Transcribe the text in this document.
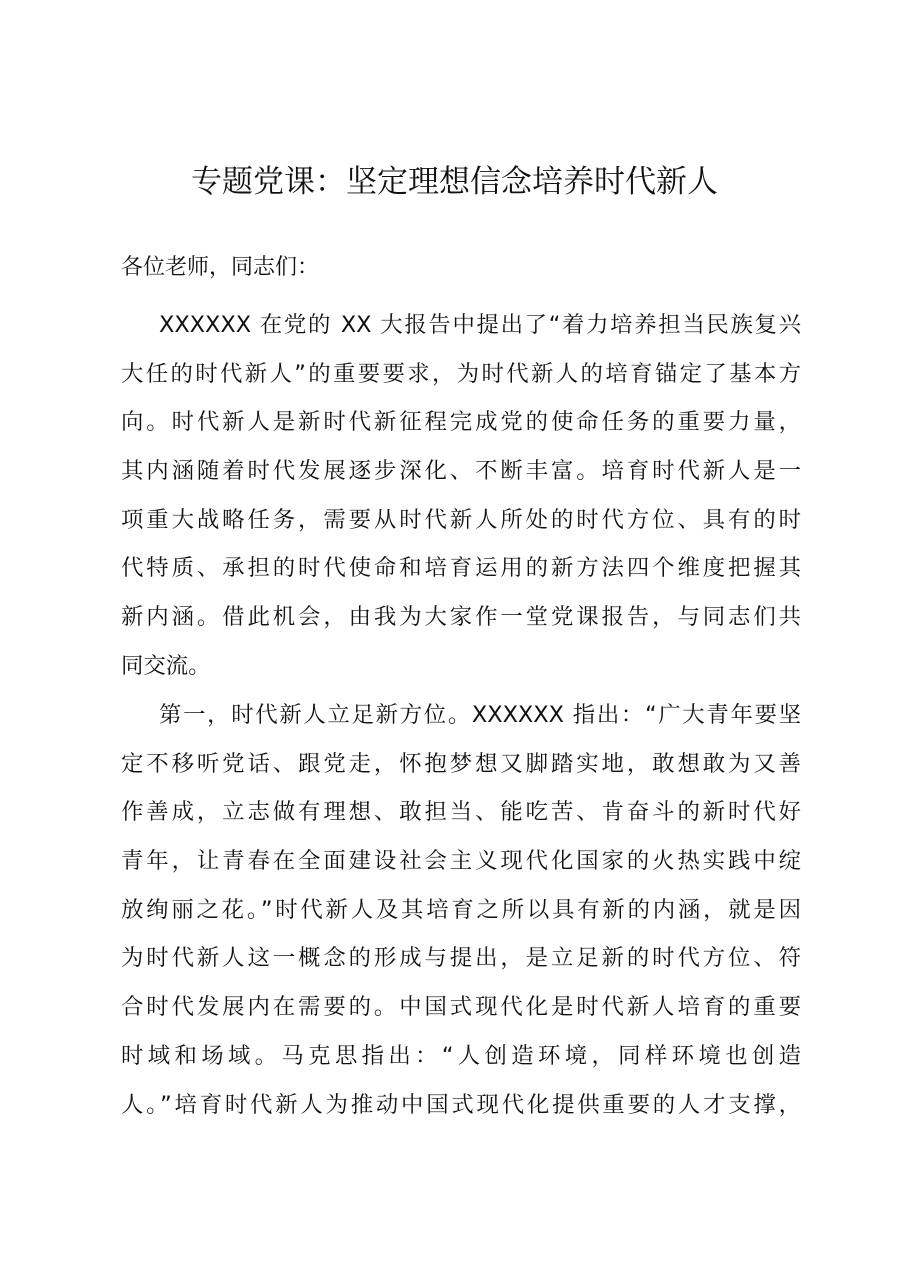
专题党课：坚定理想信念培养时代新人
各位老师，同志们：
XXXXXX 在党的 XX 大报告中提出了“着力培养担当民族复兴
大任的时代新人”的重要要求，为时代新人的培育锚定了基本方
向。时代新人是新时代新征程完成党的使命任务的重要力量，
其内涵随着时代发展逐步深化、不断丰富。培育时代新人是一
项重大战略任务，需要从时代新人所处的时代方位、具有的时
代特质、承担的时代使命和培育运用的新方法四个维度把握其
新内涵。借此机会，由我为大家作一堂党课报告，与同志们共
同交流。
第一，时代新人立足新方位。XXXXXX 指出：“广大青年要坚
定不移听党话、跟党走，怀抱梦想又脚踏实地，敢想敢为又善
作善成，立志做有理想、敢担当、能吃苦、肯奋斗的新时代好
青年，让青春在全面建设社会主义现代化国家的火热实践中绽
放绚丽之花。”时代新人及其培育之所以具有新的内涵，就是因
为时代新人这一概念的形成与提出，是立足新的时代方位、符
合时代发展内在需要的。中国式现代化是时代新人培育的重要
时域和场域。马克思指出：“人创造环境，同样环境也创造
人。”培育时代新人为推动中国式现代化提供重要的人才支撑，
